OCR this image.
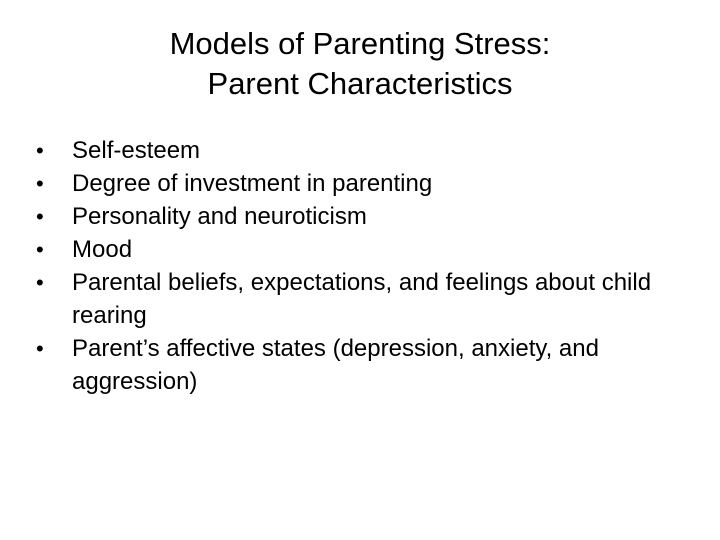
Models of Parenting Stress:
Parent Characteristics
•	Self-esteem
•	Degree of investment in parenting
•	Personality and neuroticism
•	Mood
•	Parental beliefs, expectations, and feelings about child rearing
•	Parent’s affective states (depression, anxiety, and aggression)
